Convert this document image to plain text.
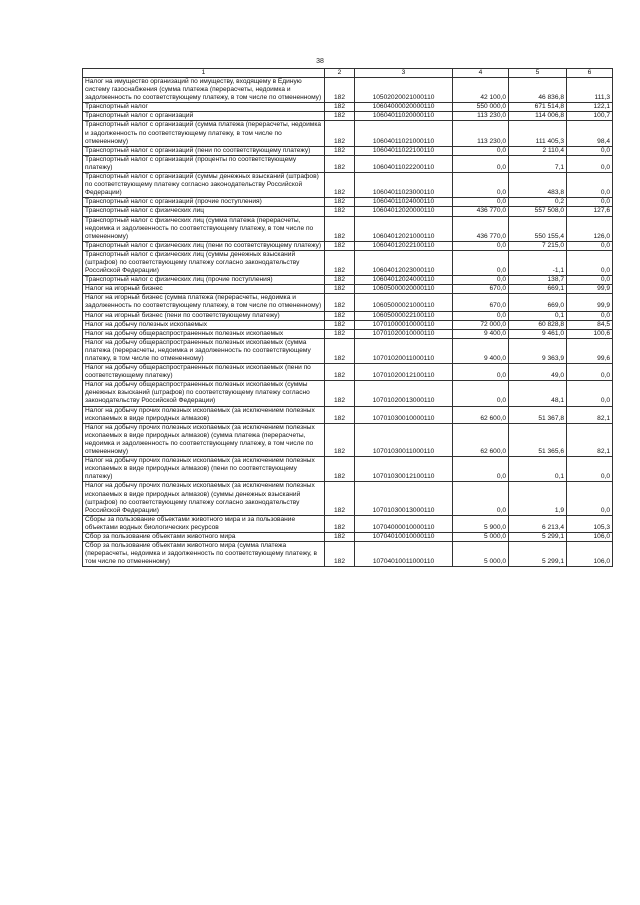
38
1	2	3	4	5	6
Налог на имущество организаций по имуществу, входящему в Единую систему газоснабжения (сумма платежа (перерасчеты, недоимка и задолженность по соответствующему платежу, в том числе по отмененному)	182	10502020021000110	42 100,0	46 836,8	111,3
Транспортный налог	182	10604000020000110	550 000,0	671 514,8	122,1
Транспортный налог с организаций	182	10604011020000110	113 230,0	114 006,8	100,7
Транспортный налог с организаций (сумма платежа (перерасчеты, недоимка и задолженность по соответствующему платежу, в том числе по отмененному)	182	10604011021000110	113 230,0	111 405,3	98,4
Транспортный налог с организаций (пени по соответствующему платежу)	182	10604011022100110	0,0	2 110,4	0,0
Транспортный налог с организаций (проценты по соответствующему платежу)	182	10604011022200110	0,0	7,1	0,0
Транспортный налог с организаций (суммы денежных взысканий (штрафов) по соответствующему платежу согласно законодательству Российской Федерации)	182	10604011023000110	0,0	483,8	0,0
Транспортный налог с организаций (прочие поступления)	182	10604011024000110	0,0	0,2	0,0
Транспортный налог с физических лиц	182	10604012020000110	436 770,0	557 508,0	127,6
Транспортный налог с физических лиц (сумма платежа (перерасчеты, недоимка и задолженность по соответствующему платежу, в том числе по отмененному)	182	10604012021000110	436 770,0	550 155,4	126,0
Транспортный налог с физических лиц (пени по соответствующему платежу)	182	10604012022100110	0,0	7 215,0	0,0
Транспортный налог с физических лиц (суммы денежных взысканий (штрафов) по соответствующему платежу согласно законодательству Российской Федерации)	182	10604012023000110	0,0	-1,1	0,0
Транспортный налог с физических лиц (прочие поступления)	182	10604012024000110	0,0	138,7	0,0
Налог на игорный бизнес	182	10605000020000110	670,0	669,1	99,9
Налог на игорный бизнес (сумма платежа (перерасчеты, недоимка и задолженность по соответствующему платежу, в том числе по отмененному)	182	10605000021000110	670,0	669,0	99,9
Налог на игорный бизнес (пени по соответствующему платежу)	182	10605000022100110	0,0	0,1	0,0
Налог на добычу полезных ископаемых	182	10701000010000110	72 000,0	60 828,8	84,5
Налог на добычу общераспространенных полезных ископаемых	182	10701020010000110	9 400,0	9 461,0	100,6
Налог на добычу общераспространенных полезных ископаемых (сумма платежа (перерасчеты, недоимка и задолженность по соответствующему платежу, в том числе по отмененному)	182	10701020011000110	9 400,0	9 363,9	99,6
Налог на добычу общераспространенных полезных ископаемых (пени по соответствующему платежу)	182	10701020012100110	0,0	49,0	0,0
Налог на добычу общераспространенных полезных ископаемых (суммы денежных взысканий (штрафов) по соответствующему платежу согласно законодательству Российской Федерации)	182	10701020013000110	0,0	48,1	0,0
Налог на добычу прочих полезных ископаемых (за исключением полезных ископаемых в виде природных алмазов)	182	10701030010000110	62 600,0	51 367,8	82,1
Налог на добычу прочих полезных ископаемых (за исключением полезных ископаемых в виде природных алмазов) (сумма платежа (перерасчеты, недоимка и задолженность по соответствующему платежу, в том числе по отмененному)	182	10701030011000110	62 600,0	51 365,6	82,1
Налог на добычу прочих полезных ископаемых (за исключением полезных ископаемых в виде природных алмазов) (пени по соответствующему платежу)	182	10701030012100110	0,0	0,1	0,0
Налог на добычу прочих полезных ископаемых (за исключением полезных ископаемых в виде природных алмазов) (суммы денежных взысканий (штрафов) по соответствующему платежу согласно законодательству Российской Федерации)	182	10701030013000110	0,0	1,9	0,0
Сборы за пользование объектами животного мира и за пользование объектами водных биологических ресурсов	182	10704000010000110	5 900,0	6 213,4	105,3
Сбор за пользование объектами животного мира	182	10704010010000110	5 000,0	5 299,1	106,0
Сбор за пользование объектами животного мира (сумма платежа (перерасчеты, недоимка и задолженность по соответствующему платежу, в том числе по отмененному)	182	10704010011000110	5 000,0	5 299,1	106,0
